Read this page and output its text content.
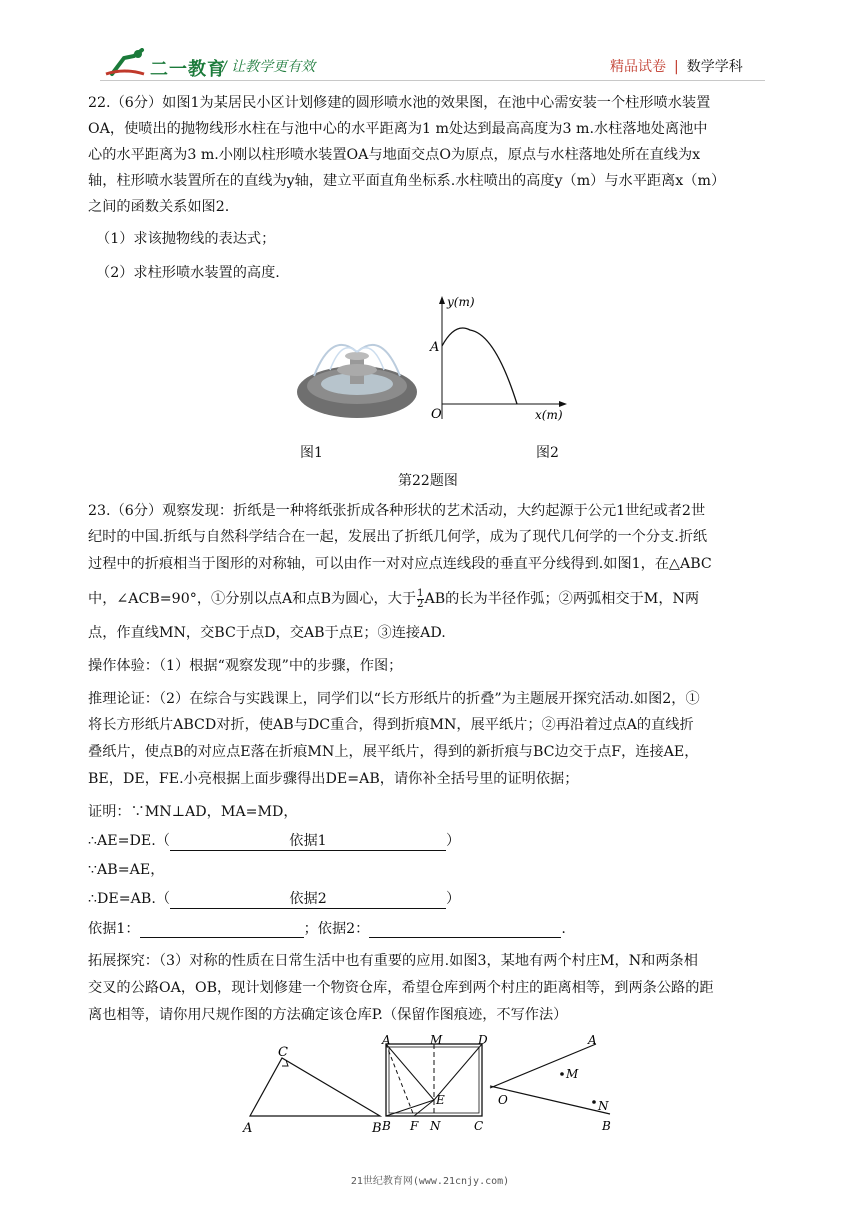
二一教育
/ 让教学更有效	精品试卷 | 数学学科
22.（6分）如图1为某居民小区计划修建的圆形喷水池的效果图，在池中心需安装一个柱形喷水装置
OA，使喷出的抛物线形水柱在与池中心的水平距离为1 m处达到最高高度为3 m.水柱落地处离池中
心的水平距离为3 m.小刚以柱形喷水装置OA与地面交点O为原点，原点与水柱落地处所在直线为x
轴，柱形喷水装置所在的直线为y轴，建立平面直角坐标系.水柱喷出的高度y（m）与水平距离x（m）
之间的函数关系如图2.
（1）求该抛物线的表达式；
（2）求柱形喷水装置的高度.
y(m)
x(m)
A
O
图1	图2
第22题图
23.（6分）观察发现：折纸是一种将纸张折成各种形状的艺术活动，大约起源于公元1世纪或者2世
纪时的中国.折纸与自然科学结合在一起，发展出了折纸几何学，成为了现代几何学的一个分支.折纸
过程中的折痕相当于图形的对称轴，可以由作一对对应点连线段的垂直平分线得到.如图1，在△ABC
中，∠ACB=90°，①分别以点A和点B为圆心，大于 $\frac{1}{2}$ AB的长为半径作弧；②两弧相交于M，N两
点，作直线MN，交BC于点D，交AB于点E；③连接AD.
操作体验：（1）根据“观察发现”中的步骤，作图；
推理论证：（2）在综合与实践课上，同学们以“长方形纸片的折叠”为主题展开探究活动.如图2，①
将长方形纸片ABCD对折，使AB与DC重合，得到折痕MN，展平纸片；②再沿着过点A的直线折
叠纸片，使点B的对应点E落在折痕MN上，展平纸片，得到的新折痕与BC边交于点F，连接AE，
BE，DE，FE.小亮根据上面步骤得出DE=AB，请你补全括号里的证明依据；
证明：∵MN⊥AD，MA=MD，
∴AE=DE.（	依据1	）
∵AB=AE，
∴DE=AB.（	依据2	）
依据1：	；依据2：	.
拓展探究：（3）对称的性质在日常生活中也有重要的应用.如图3，某地有两个村庄M，N和两条相
交叉的公路OA，OB，现计划修建一个物资仓库，希望仓库到两个村庄的距离相等，到两条公路的距
离也相等，请你用尺规作图的方法确定该仓库P.（保留作图痕迹，不写作法）
A
C
B
A	M	D
E
B F N	C
A
M
O	N
B
21世纪教育网(www.21cnjy.com)
